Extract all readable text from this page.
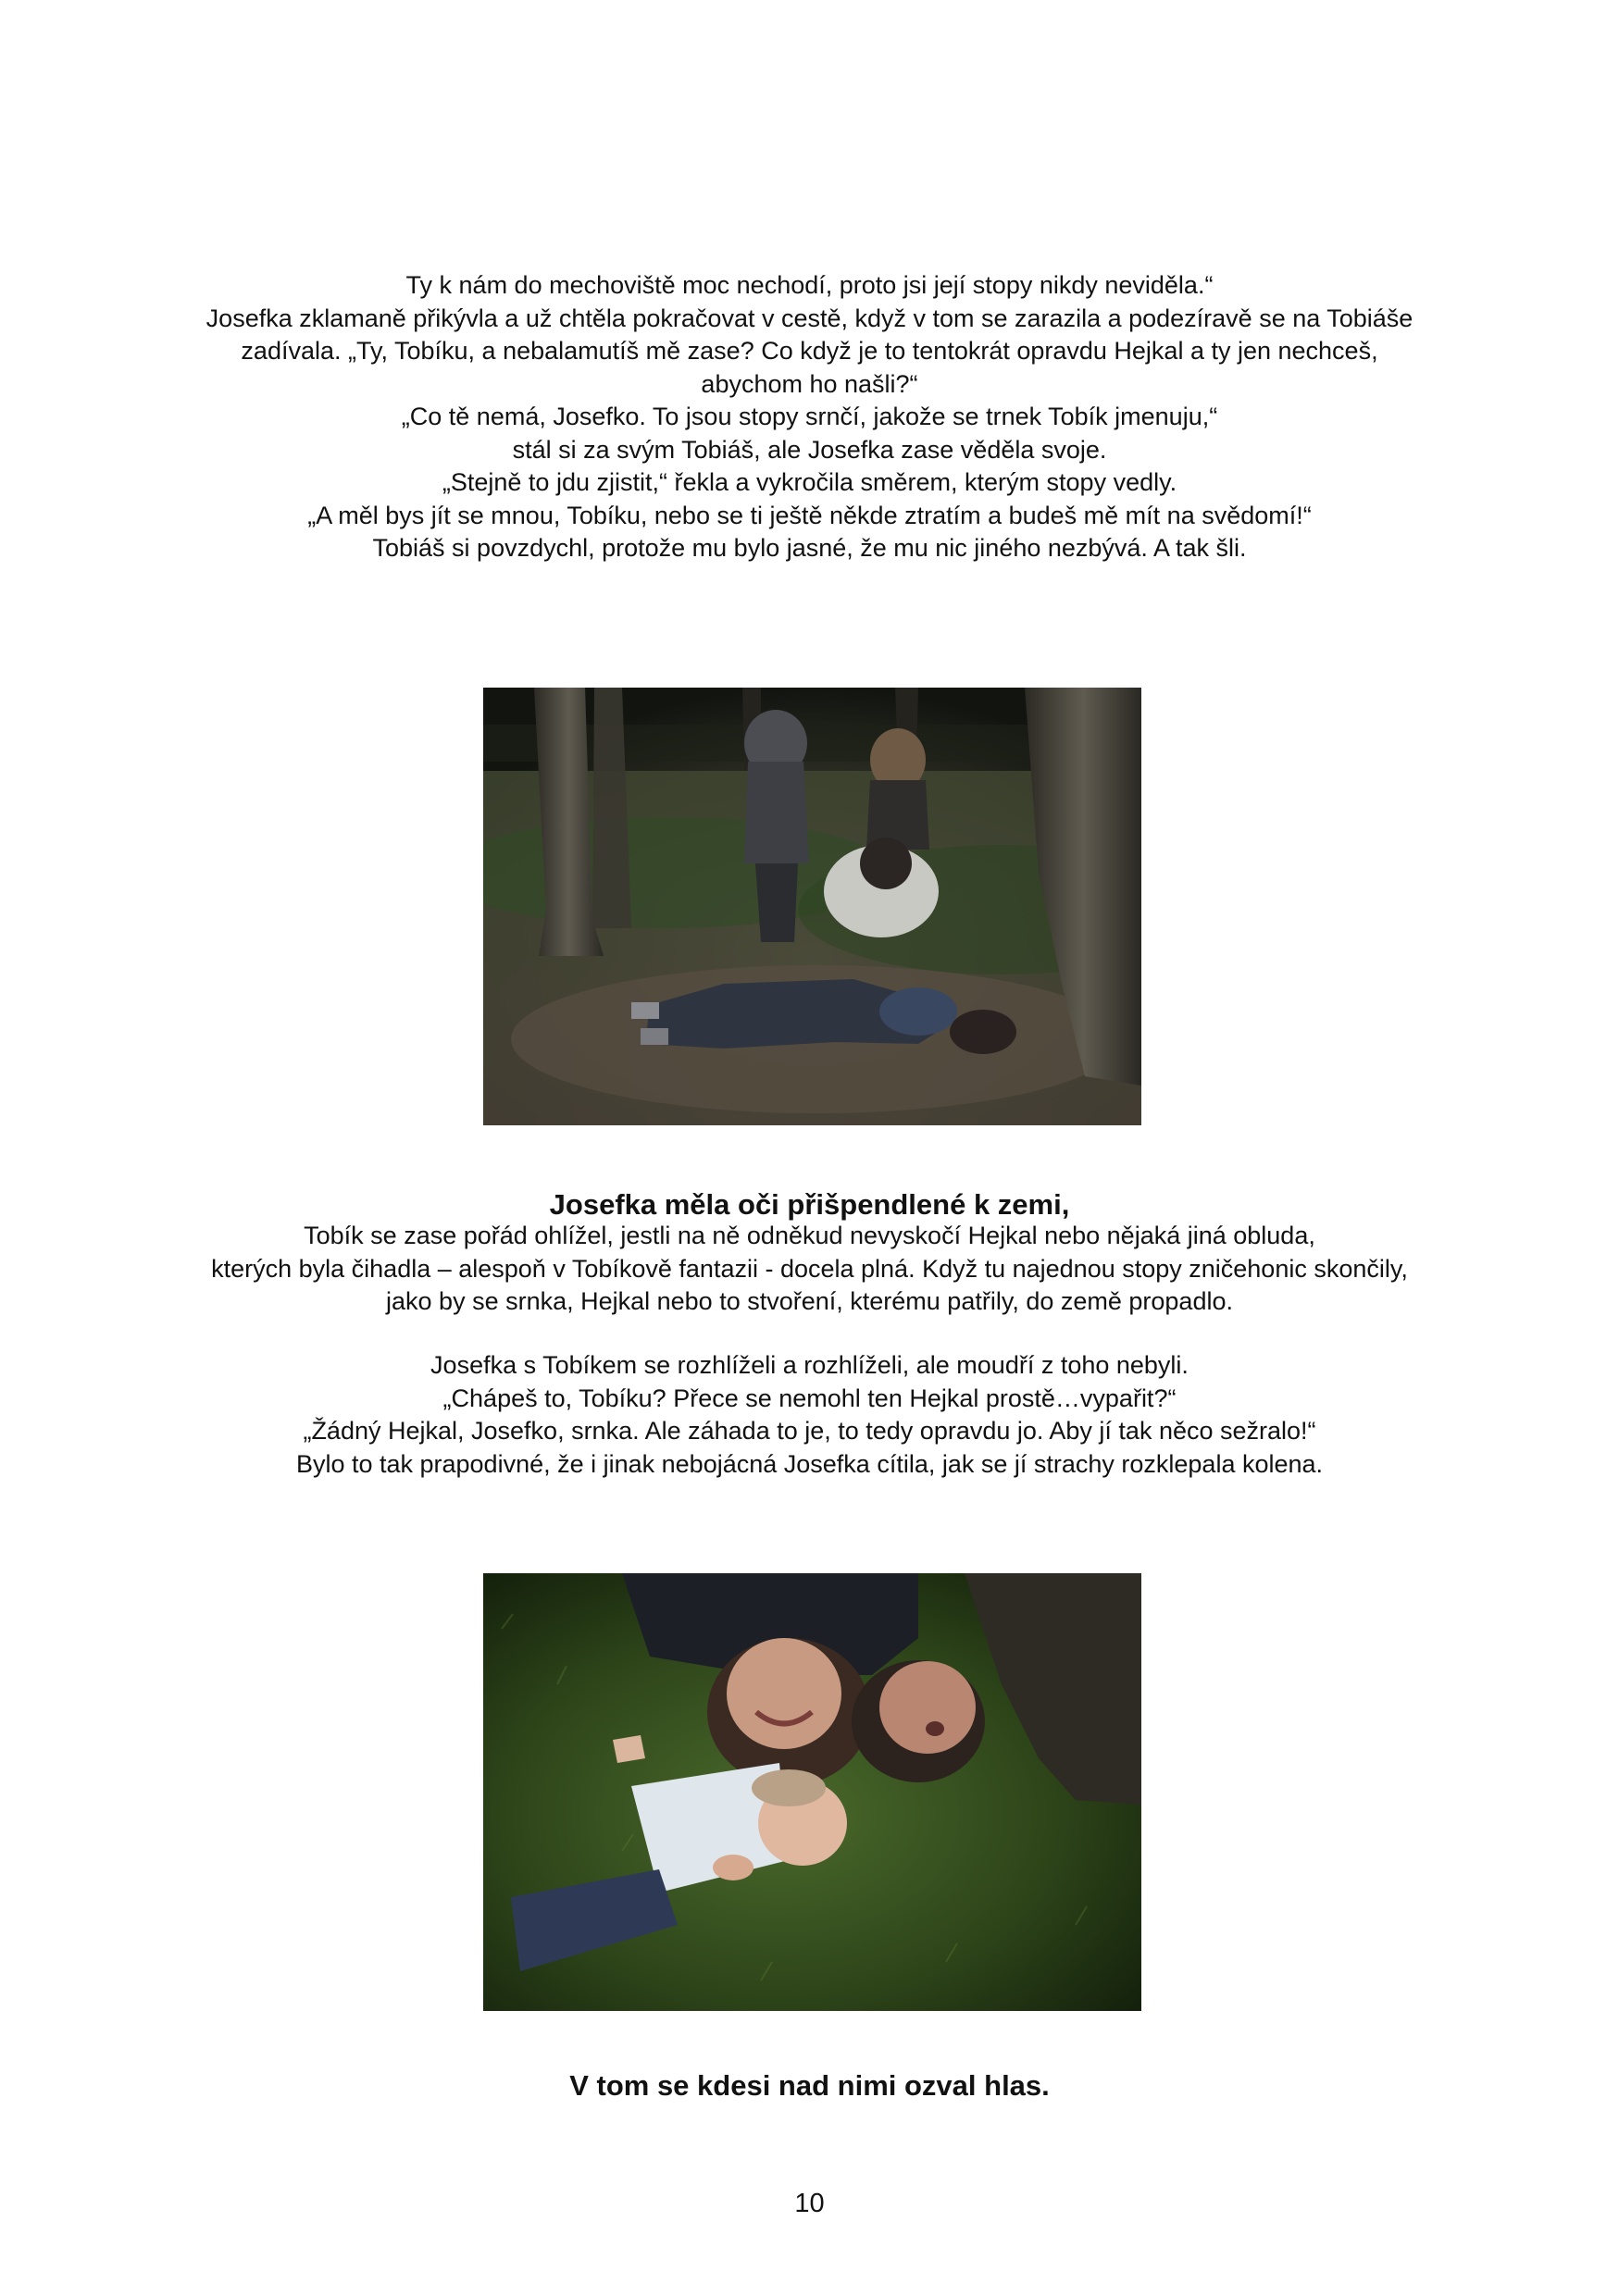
Ty k nám do mechoviště moc nechodí, proto jsi její stopy nikdy neviděla.“

Josefka zklamaně přikývla a už chtěla pokračovat v cestě, když v tom se zarazila a podezíravě se na Tobiáše

zadívala. „Ty, Tobíku, a nebalamutíš mě zase? Co když je to tentokrát opravdu Hejkal a ty jen nechceš,

abychom ho našli?“

„Co tě nemá, Josefko. To jsou stopy srnčí, jakože se trnek Tobík jmenuju,“

stál si za svým Tobiáš, ale Josefka zase věděla svoje.

„Stejně to jdu zjistit,“ řekla a vykročila směrem, kterým stopy vedly.

„A měl bys jít se mnou, Tobíku, nebo se ti ještě někde ztratím a budeš mě mít na svědomí!“

Tobiáš si povzdychl, protože mu bylo jasné, že mu nic jiného nezbývá. A tak šli.

Josefka měla oči přišpendlené k zemi,

Tobík se zase pořád ohlížel, jestli na ně odněkud nevyskočí Hejkal nebo nějaká jiná obluda,

kterých byla čihadla – alespoň v Tobíkově fantazii - docela plná. Když tu najednou stopy zničehonic skončily,

jako by se srnka, Hejkal nebo to stvoření, kterému patřily, do země propadlo.

Josefka s Tobíkem se rozhlíželi a rozhlíželi, ale moudří z toho nebyli.

„Chápeš to, Tobíku? Přece se nemohl ten Hejkal prostě…vypařit?“

„Žádný Hejkal, Josefko, srnka. Ale záhada to je, to tedy opravdu jo. Aby jí tak něco sežralo!“

Bylo to tak prapodivné, že i jinak nebojácná Josefka cítila, jak se jí strachy rozklepala kolena.

V tom se kdesi nad nimi ozval hlas.
10
